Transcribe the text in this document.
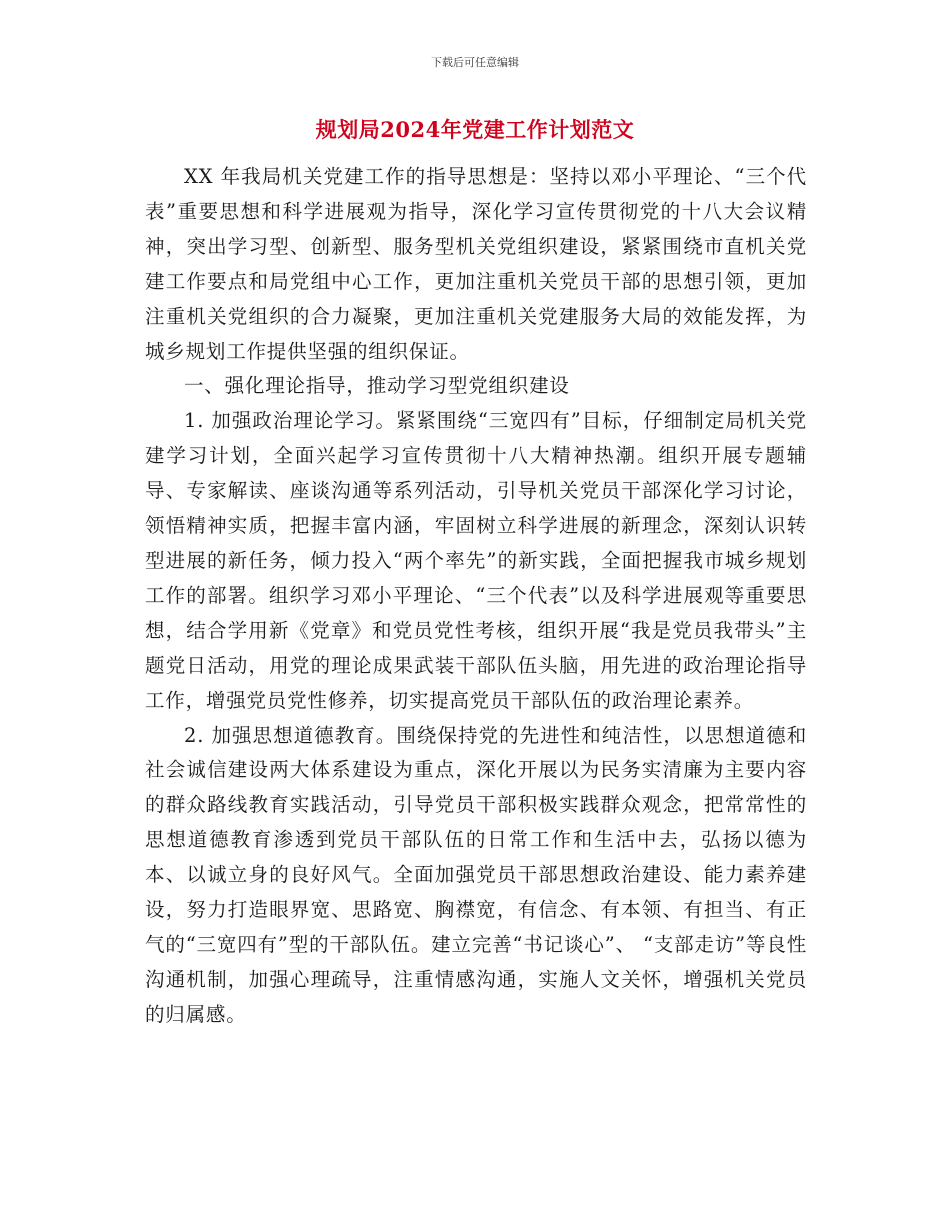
下载后可任意编辑
规划局2024年党建工作计划范文

XX 年我局机关党建工作的指导思想是：坚持以邓小平理论、“三个代表”重要思想和科学进展观为指导，深化学习宣传贯彻党的十八大会议精神，突出学习型、创新型、服务型机关党组织建设，紧紧围绕市直机关党建工作要点和局党组中心工作，更加注重机关党员干部的思想引领，更加注重机关党组织的合力凝聚，更加注重机关党建服务大局的效能发挥，为城乡规划工作提供坚强的组织保证。

一、强化理论指导，推动学习型党组织建设

1. 加强政治理论学习。紧紧围绕“三宽四有”目标，仔细制定局机关党建学习计划，全面兴起学习宣传贯彻十八大精神热潮。组织开展专题辅导、专家解读、座谈沟通等系列活动，引导机关党员干部深化学习讨论，领悟精神实质，把握丰富内涵，牢固树立科学进展的新理念，深刻认识转型进展的新任务，倾力投入“两个率先”的新实践，全面把握我市城乡规划工作的部署。组织学习邓小平理论、“三个代表”以及科学进展观等重要思想，结合学用新《党章》和党员党性考核，组织开展“我是党员我带头”主题党日活动，用党的理论成果武装干部队伍头脑，用先进的政治理论指导工作，增强党员党性修养，切实提高党员干部队伍的政治理论素养。

2. 加强思想道德教育。围绕保持党的先进性和纯洁性，以思想道德和社会诚信建设两大体系建设为重点，深化开展以为民务实清廉为主要内容的群众路线教育实践活动，引导党员干部积极实践群众观念，把常常性的思想道德教育渗透到党员干部队伍的日常工作和生活中去，弘扬以德为本、以诚立身的良好风气。全面加强党员干部思想政治建设、能力素养建设，努力打造眼界宽、思路宽、胸襟宽，有信念、有本领、有担当、有正气的“三宽四有”型的干部队伍。建立完善“书记谈心”、 “支部走访”等良性沟通机制，加强心理疏导，注重情感沟通，实施人文关怀，增强机关党员的归属感。
